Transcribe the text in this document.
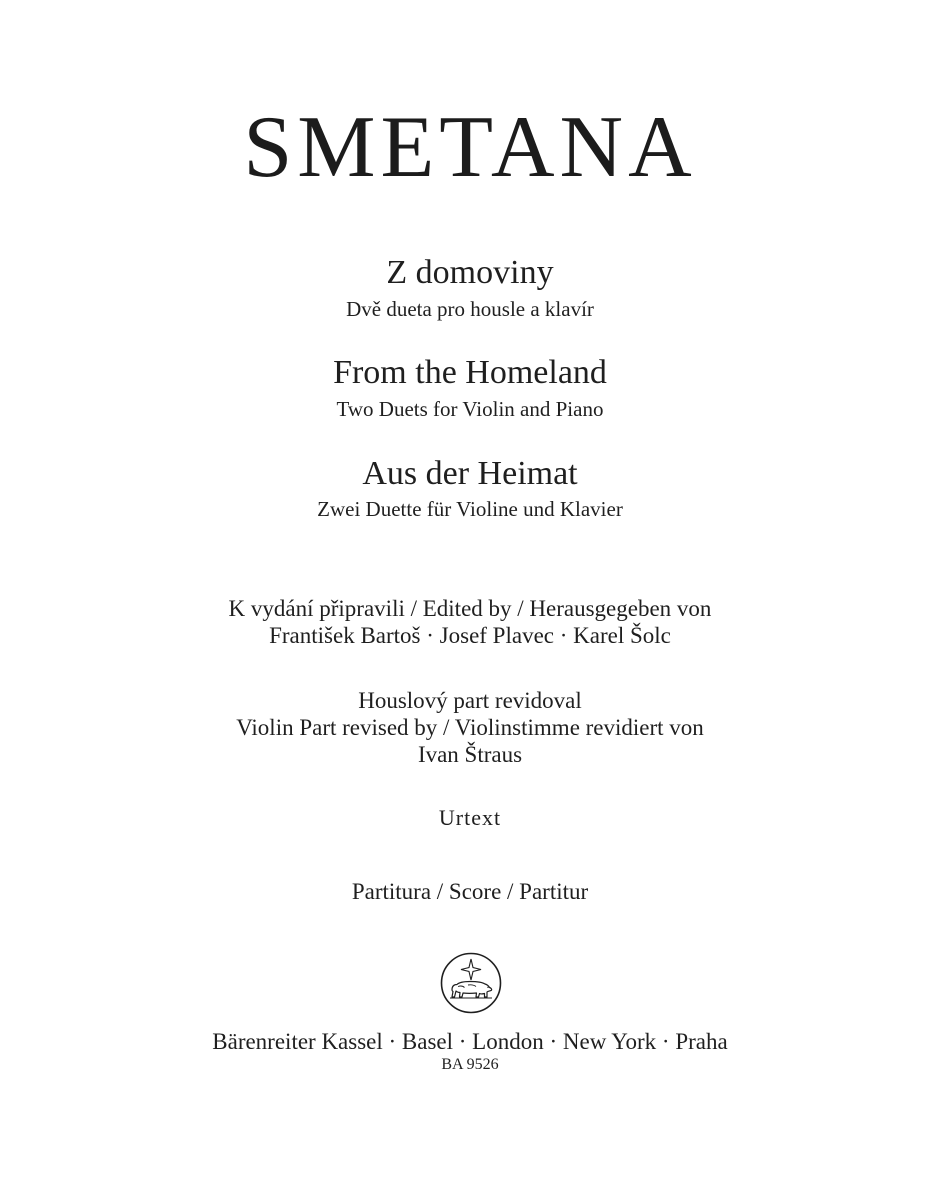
SMETANA
Z domoviny
Dvě dueta pro housle a klavír
From the Homeland
Two Duets for Violin and Piano
Aus der Heimat
Zwei Duette für Violine und Klavier
K vydání připravili / Edited by / Herausgegeben von
František Bartoš · Josef Plavec · Karel Šolc
Houslový part revidoval
Violin Part revised by / Violinstimme revidiert von
Ivan Štraus
Urtext
Partitura / Score / Partitur
Bärenreiter Kassel · Basel · London · New York · Praha
BA 9526
